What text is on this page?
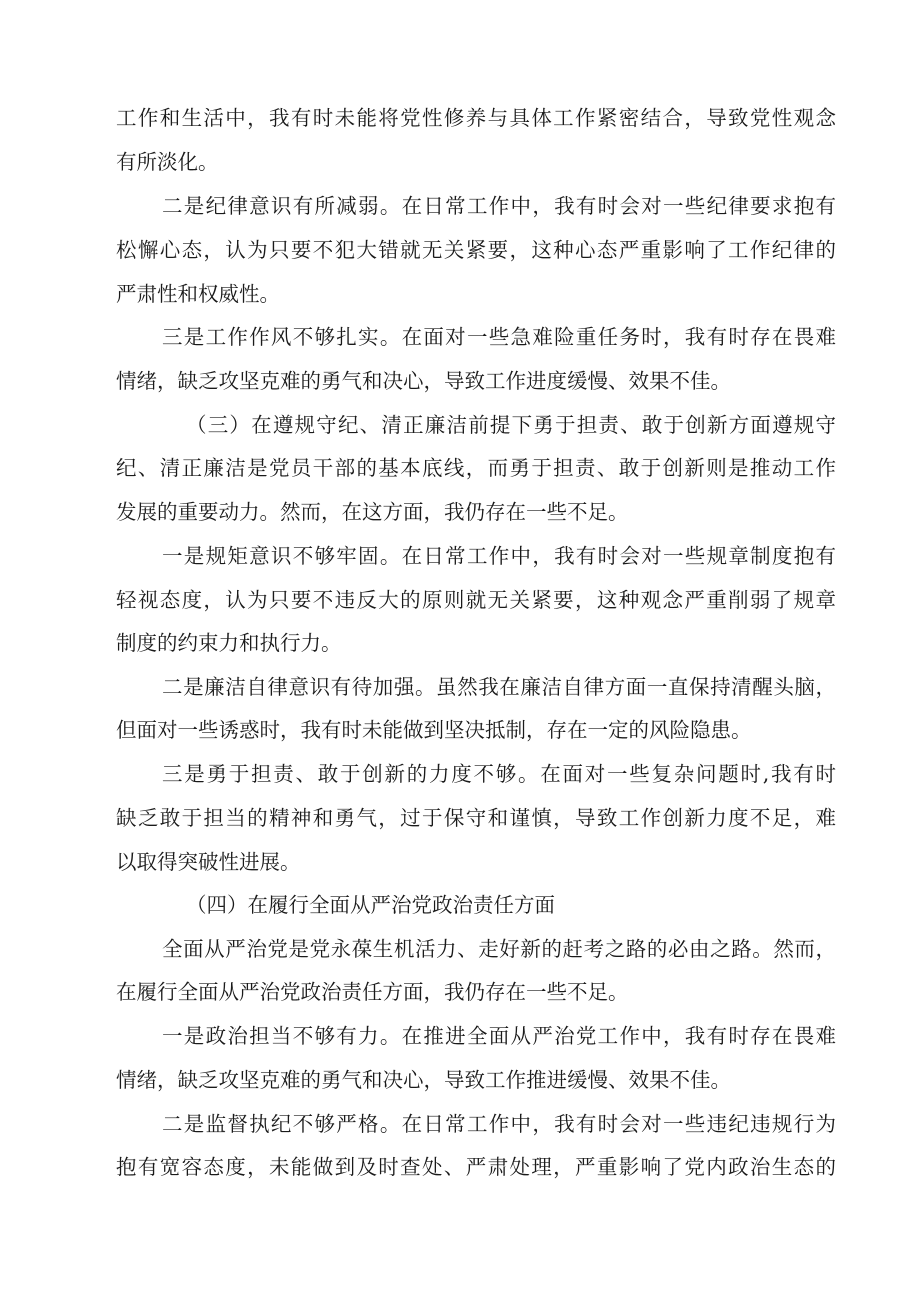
工作和生活中，我有时未能将党性修养与具体工作紧密结合，导致党性观念
有所淡化。
二是纪律意识有所减弱。在日常工作中，我有时会对一些纪律要求抱有
松懈心态，认为只要不犯大错就无关紧要，这种心态严重影响了工作纪律的
严肃性和权威性。
三是工作作风不够扎实。在面对一些急难险重任务时，我有时存在畏难
情绪，缺乏攻坚克难的勇气和决心，导致工作进度缓慢、效果不佳。
（三）在遵规守纪、清正廉洁前提下勇于担责、敢于创新方面遵规守
纪、清正廉洁是党员干部的基本底线，而勇于担责、敢于创新则是推动工作
发展的重要动力。然而，在这方面，我仍存在一些不足。
一是规矩意识不够牢固。在日常工作中，我有时会对一些规章制度抱有
轻视态度，认为只要不违反大的原则就无关紧要，这种观念严重削弱了规章
制度的约束力和执行力。
二是廉洁自律意识有待加强。虽然我在廉洁自律方面一直保持清醒头脑，
但面对一些诱惑时，我有时未能做到坚决抵制，存在一定的风险隐患。
三是勇于担责、敢于创新的力度不够。在面对一些复杂问题时,我有时
缺乏敢于担当的精神和勇气，过于保守和谨慎，导致工作创新力度不足，难
以取得突破性进展。
（四）在履行全面从严治党政治责任方面
全面从严治党是党永葆生机活力、走好新的赶考之路的必由之路。然而，
在履行全面从严治党政治责任方面，我仍存在一些不足。
一是政治担当不够有力。在推进全面从严治党工作中，我有时存在畏难
情绪，缺乏攻坚克难的勇气和决心，导致工作推进缓慢、效果不佳。
二是监督执纪不够严格。在日常工作中，我有时会对一些违纪违规行为
抱有宽容态度，未能做到及时查处、严肃处理，严重影响了党内政治生态的
